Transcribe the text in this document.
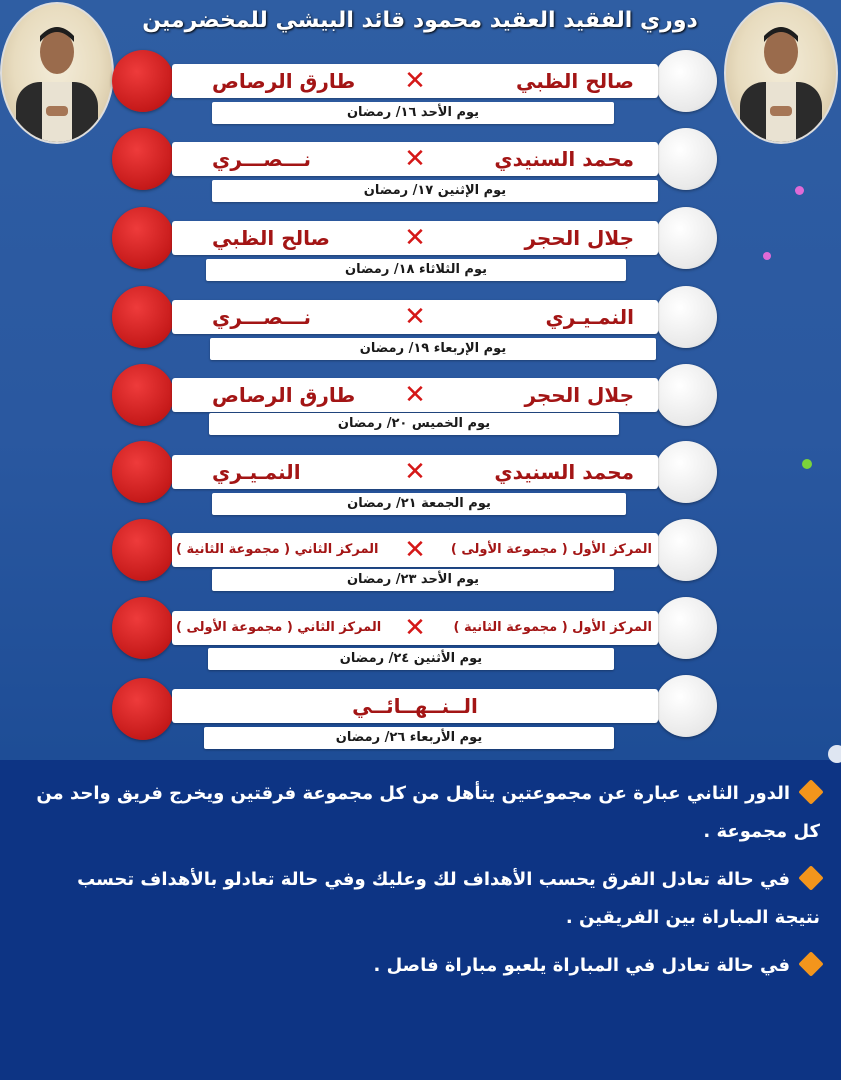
دوري الفقيد العقيد محمود قائد البيشي للمخضرمين
صالح الظبي
✕
طارق الرصاص
يوم الأحد ١٦/ رمضان
محمد السنيدي
✕
نـــصـــري
يوم الإثنين ١٧/ رمضان
جلال الحجر
✕
صالح الظبي
يوم الثلاثاء ١٨/ رمضان
النمـيـري
✕
نـــصـــري
يوم الإربعاء ١٩/ رمضان
جلال الحجر
✕
طارق الرصاص
يوم الخميس ٢٠/ رمضان
محمد السنيدي
✕
النمـيـري
يوم الجمعة ٢١/ رمضان
المركز الأول ( مجموعة الأولى )
✕
المركز الثاني ( مجموعة الثانية )
يوم الأحد ٢٣/ رمضان
المركز الأول ( مجموعة الثانية )
✕
المركز الثاني ( مجموعة الأولى )
يوم الأثنين ٢٤/ رمضان
الــنــهــائــي
يوم الأربعاء ٢٦/ رمضان
الدور الثاني عبارة عن مجموعتين يتأهل من كل مجموعة فرقتين ويخرج فريق واحد من كل مجموعة .
في حالة تعادل الفرق يحسب الأهداف لك وعليك وفي حالة تعادلو بالأهداف تحسب نتيجة المباراة بين الفريقين .
في حالة تعادل في المباراة يلعبو مباراة فاصل .
